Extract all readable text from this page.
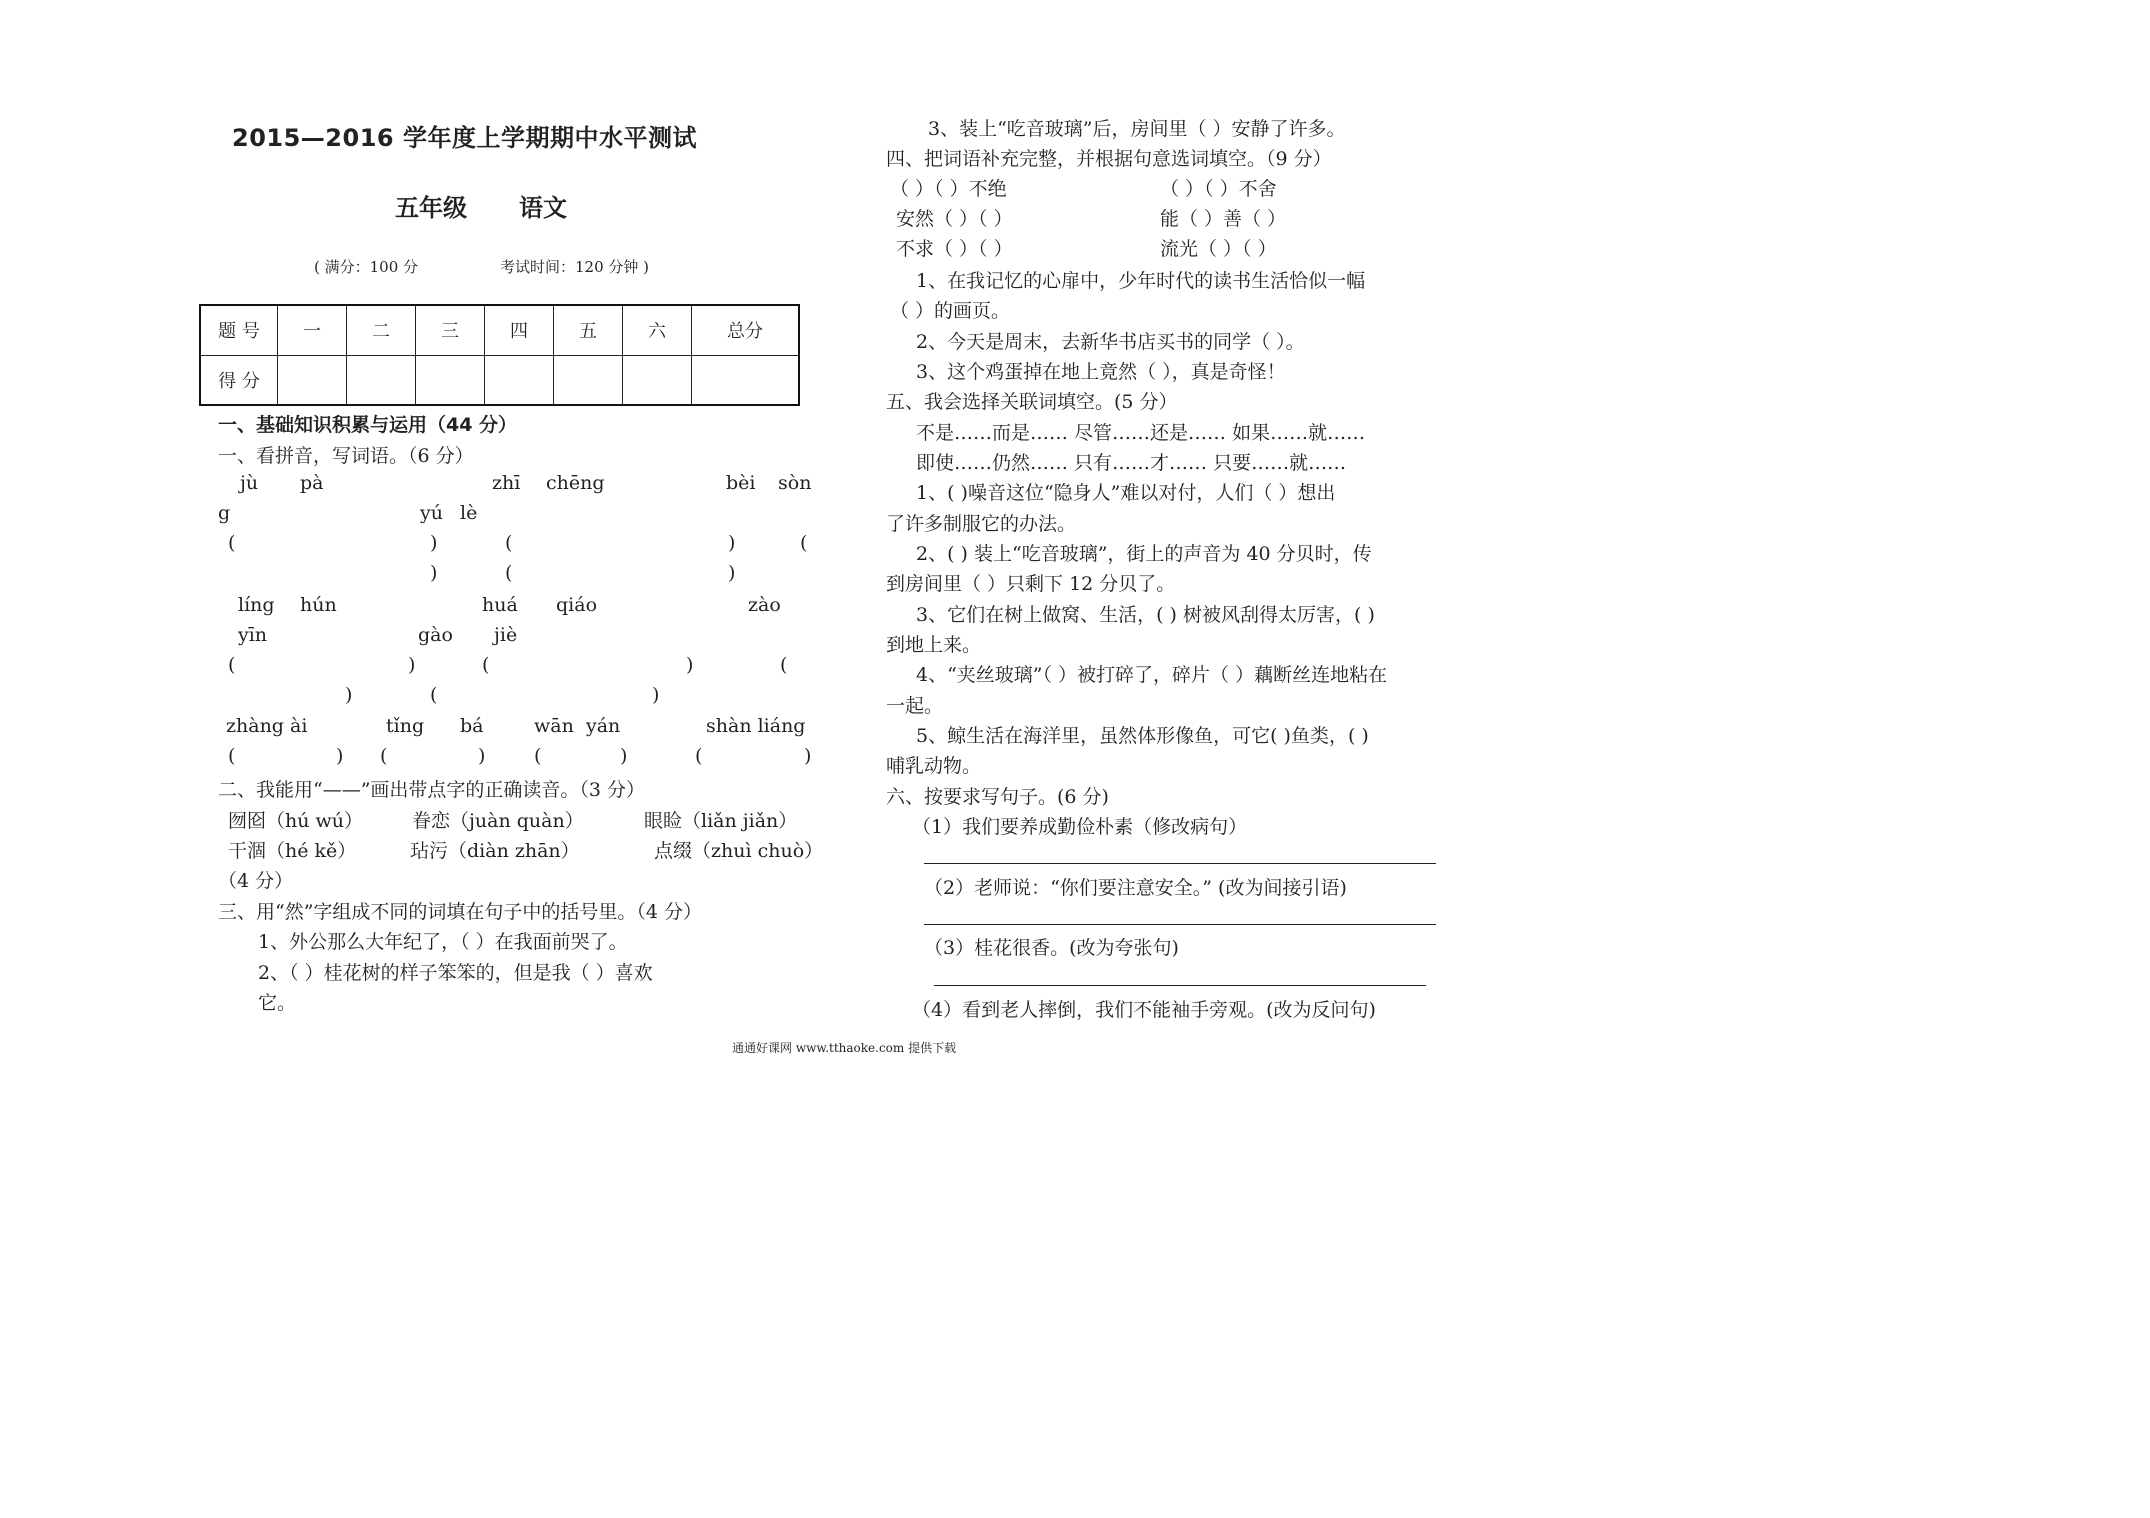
2015—2016 学年度上学期期中水平测试
五年级 语文
( 满分：100 分	考试时间：120 分钟 )
题 号	一	二	三	四	五	六	总分
得 分							
一、基础知识积累与运用（44 分）
一、看拼音，写词语。（6 分）
jù pà	zhī chēng	bèi sòn
g	yú lè
(	)	(	)	(
)	(	)
líng hún	huá qiáo	zào
yīn	gào jiè
(	)	(	)	(
)	(	)
zhàng ài	tǐng bá	wān yán	shàn liáng
(	) (	)	(	)	(	)
二、我能用“——”画出带点字的正确读音。（3 分）
囫囵（hú wú）	眷恋（juàn quàn）	眼睑（liǎn jiǎn）
干涸（hé kě）	玷污（diàn zhān）	点缀（zhuì chuò）
（4 分）
三、用“然”字组成不同的词填在句子中的括号里。（4 分）
1、外公那么大年纪了，（ ）在我面前哭了。
2、（ ）桂花树的样子笨笨的，但是我（ ）喜欢
它。
3、装上“吃音玻璃”后，房间里（ ）安静了许多。
四、把词语补充完整，并根据句意选词填空。（9 分）
（ ）（ ）不绝	（ ）（ ）不舍
安然（ ）（ ）	能（ ）善（ ）
不求（ ）（ ）	流光（ ）（ ）
1、在我记忆的心扉中，少年时代的读书生活恰似一幅
（ ）的画页。
2、今天是周末，去新华书店买书的同学（ ）。
3、这个鸡蛋掉在地上竟然（ ），真是奇怪！
五、我会选择关联词填空。(5 分）
不是……而是…… 尽管……还是…… 如果……就……
即使……仍然…… 只有……才…… 只要……就……
1、( )噪音这位“隐身人”难以对付，人们（ ）想出
了许多制服它的办法。
2、( ) 装上“吃音玻璃”，街上的声音为 40 分贝时，传
到房间里（ ）只剩下 12 分贝了。
3、它们在树上做窝、生活，( ) 树被风刮得太厉害，( )
到地上来。
4、“夹丝玻璃”（ ）被打碎了，碎片（ ）藕断丝连地粘在
一起。
5、鲸生活在海洋里，虽然体形像鱼，可它( )鱼类，( )
哺乳动物。
六、按要求写句子。(6 分)
（1）我们要养成勤俭朴素（修改病句）
（2）老师说：“你们要注意安全。” (改为间接引语)
（3）桂花很香。(改为夸张句)
（4）看到老人摔倒，我们不能袖手旁观。(改为反问句)
通通好课网 www.tthaoke.com 提供下载
